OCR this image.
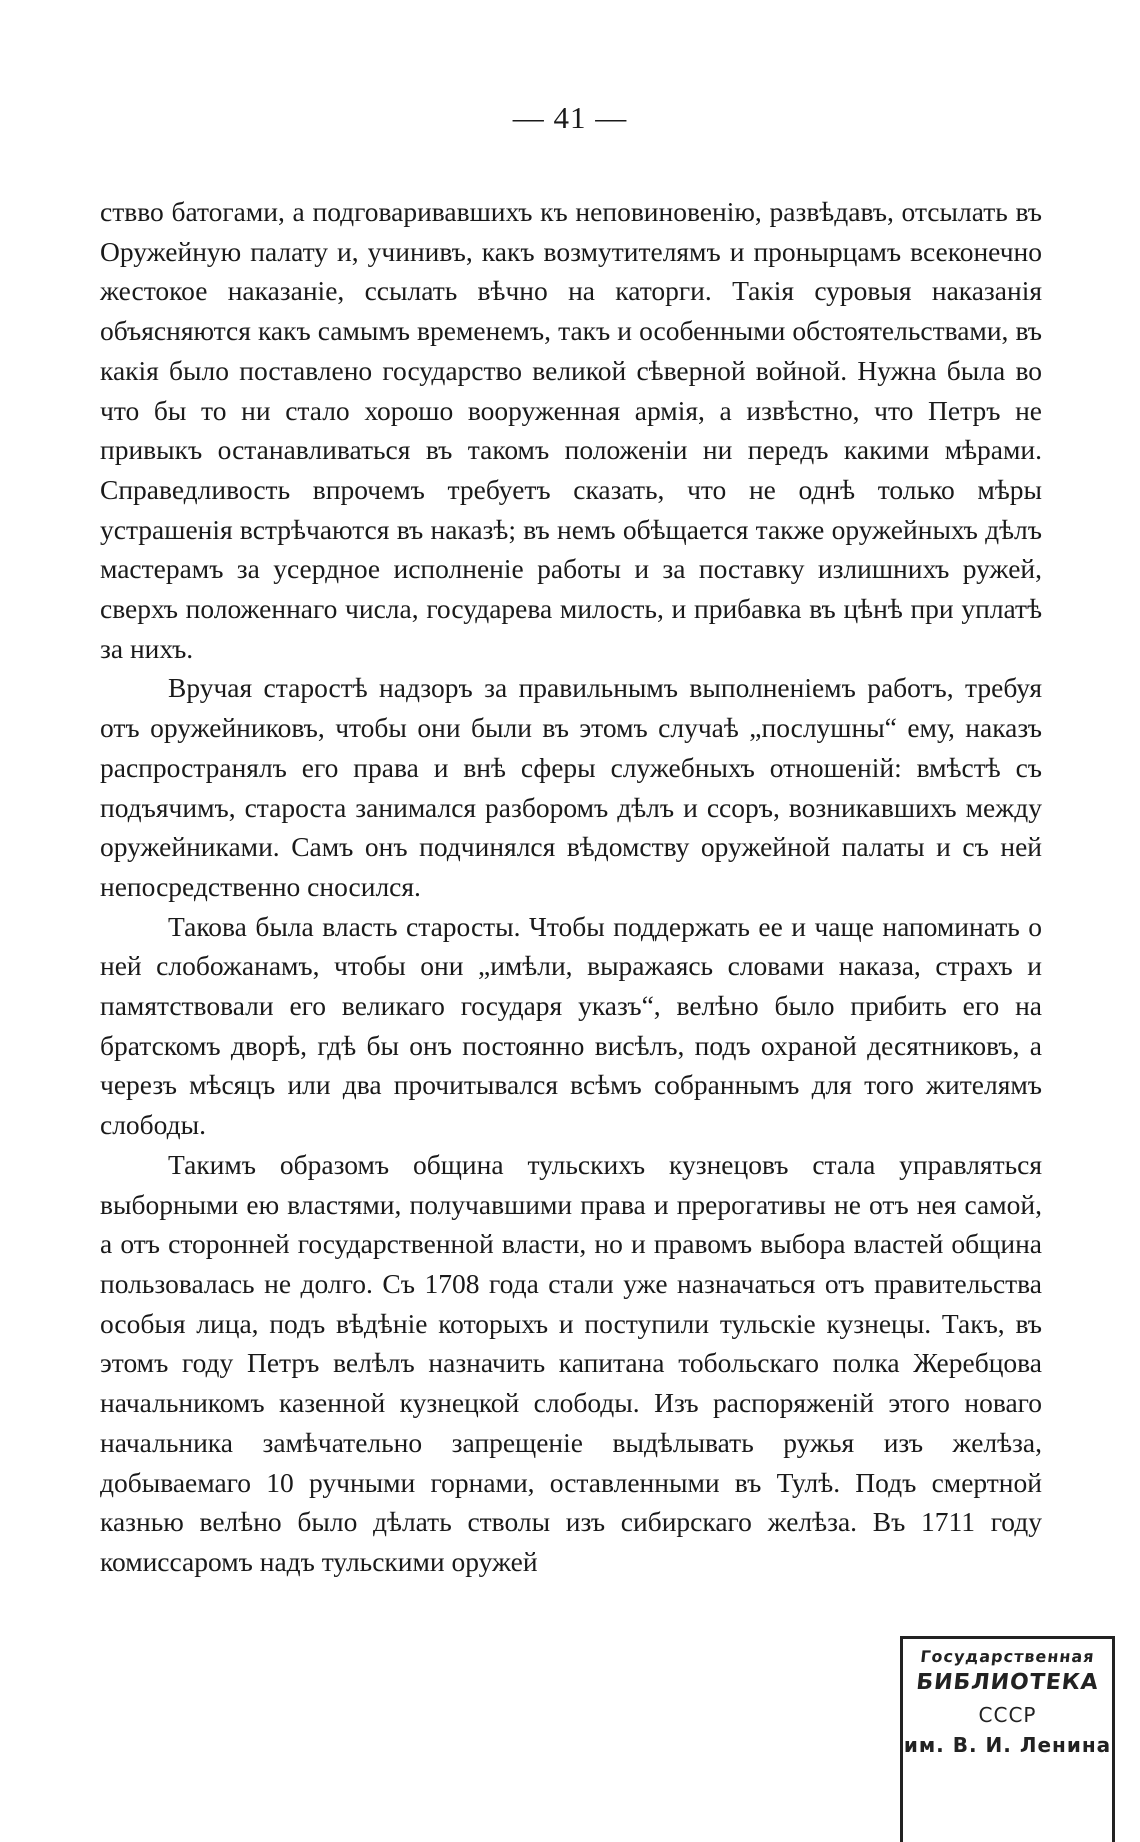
— 41 —

ствво батогами, а подговаривавшихъ къ неповиновенію, развѣдавъ, отсылать въ Оружейную палату и, учинивъ, какъ возмутителямъ и пронырцамъ всеконечно жестокое наказаніе, ссылать вѣчно на каторги. Такія суровыя наказанія объясняются какъ самымъ временемъ, такъ и особенными обстоятельствами, въ какія было поставлено государство великой сѣверной войной. Нужна была во что бы то ни стало хорошо вооруженная армія, а извѣстно, что Петръ не привыкъ останавливаться въ такомъ положеніи ни передъ какими мѣрами. Справедливость впрочемъ требуетъ сказать, что не однѣ только мѣры устрашенія встрѣчаются въ наказѣ; въ немъ обѣщается также оружейныхъ дѣлъ мастерамъ за усердное исполненіе работы и за поставку излишнихъ ружей, сверхъ положеннаго числа, государева милость, и прибавка въ цѣнѣ при уплатѣ за нихъ.

Вручая старостѣ надзоръ за правильнымъ выполненіемъ работъ, требуя отъ оружейниковъ, чтобы они были въ этомъ случаѣ „послушны“ ему, наказъ распространялъ его права и внѣ сферы служебныхъ отношеній: вмѣстѣ съ подъячимъ, староста занимался разборомъ дѣлъ и ссоръ, возникавшихъ между оружейниками. Самъ онъ подчинялся вѣдомству оружейной палаты и съ ней непосредственно сносился.

Такова была власть старосты. Чтобы поддержать ее и чаще напоминать о ней слобожанамъ, чтобы они „имѣли, выражаясь словами наказа, страхъ и памятствовали его великаго государя указъ“, велѣно было прибить его на братскомъ дворѣ, гдѣ бы онъ постоянно висѣлъ, подъ охраной десятниковъ, а черезъ мѣсяцъ или два прочитывался всѣмъ собраннымъ для того жителямъ слободы.

Такимъ образомъ община тульскихъ кузнецовъ стала управляться выборными ею властями, получавшими права и прерoгативы не отъ нея самой, а отъ сторонней государственной власти, но и правомъ выбора властей община пользовалась не долго. Съ 1708 года стали уже назначаться отъ правительства особыя лица, подъ вѣдѣніе которыхъ и поступили тульскіе кузнецы. Такъ, въ этомъ году Петръ велѣлъ назначить капитана тобольскаго полка Жеребцова начальникомъ казенной кузнецкой слободы. Изъ распоряженій этого новаго начальника замѣчательно запрещеніе выдѣлывать ружья изъ желѣза, добываемаго 10 ручными горнами, оставленными въ Тулѣ. Подъ смертной казнью велѣно было дѣлать стволы изъ сибирскаго желѣза. Въ 1711 году комиссаромъ надъ тульскими оружей

Государственная
БИБЛИОТЕКА
СССР
им. В. И. Ленина
